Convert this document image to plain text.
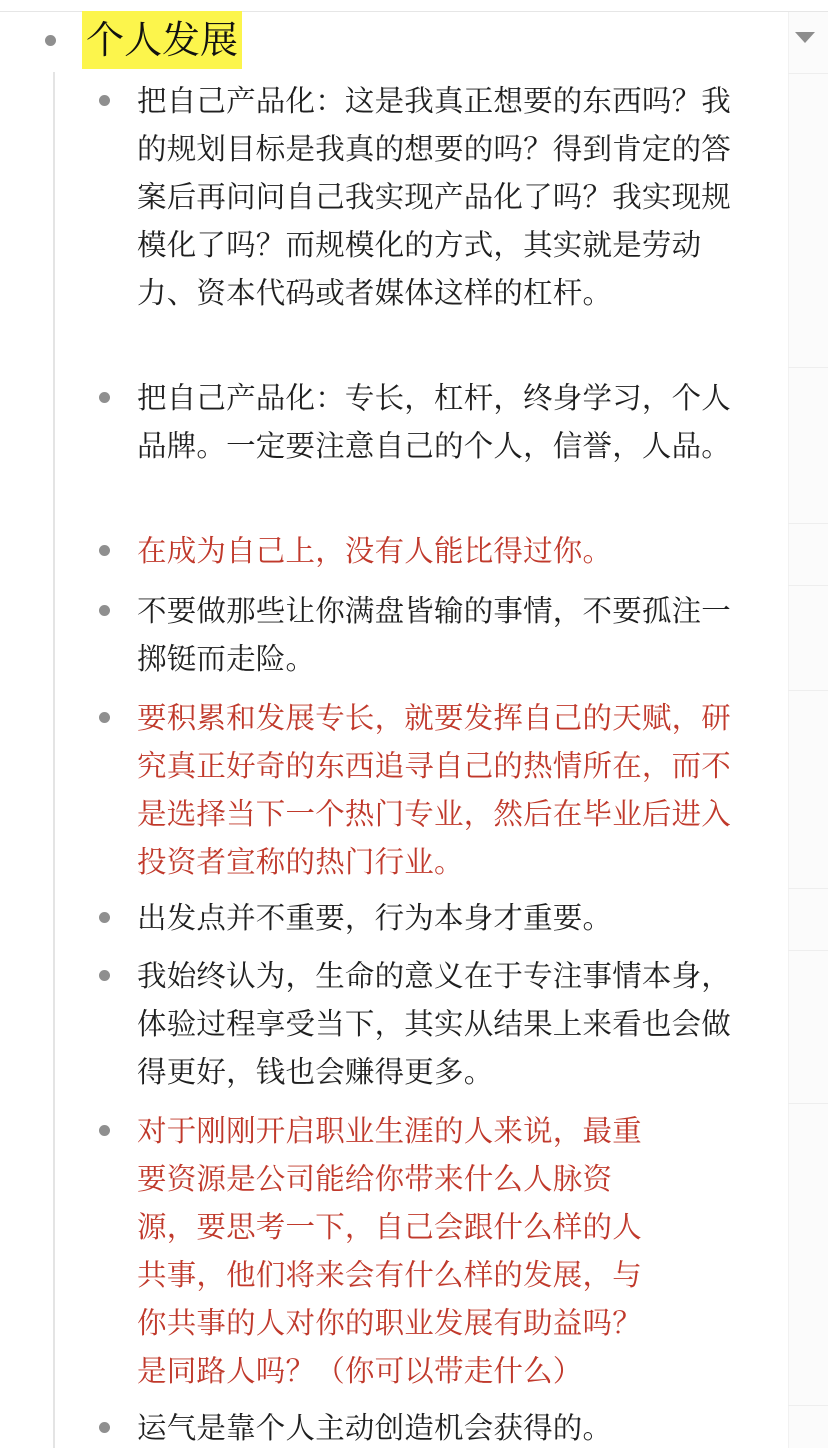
个人发展
把自己产品化：这是我真正想要的东西吗？我的规划目标是我真的想要的吗？得到肯定的答案后再问问自己我实现产品化了吗？我实现规模化了吗？而规模化的方式，其实就是劳动力、资本代码或者媒体这样的杠杆。
把自己产品化：专长，杠杆，终身学习，个人品牌。一定要注意自己的个人，信誉，人品。
在成为自己上，没有人能比得过你。
不要做那些让你满盘皆输的事情，不要孤注一掷铤而走险。
要积累和发展专长，就要发挥自己的天赋，研究真正好奇的东西追寻自己的热情所在，而不是选择当下一个热门专业，然后在毕业后进入投资者宣称的热门行业。
出发点并不重要，行为本身才重要。
我始终认为，生命的意义在于专注事情本身，体验过程享受当下，其实从结果上来看也会做得更好，钱也会赚得更多。
对于刚刚开启职业生涯的人来说，最重要资源是公司能给你带来什么人脉资源，要思考一下，自己会跟什么样的人共事，他们将来会有什么样的发展，与你共事的人对你的职业发展有助益吗？是同路人吗？（你可以带走什么）
运气是靠个人主动创造机会获得的。
